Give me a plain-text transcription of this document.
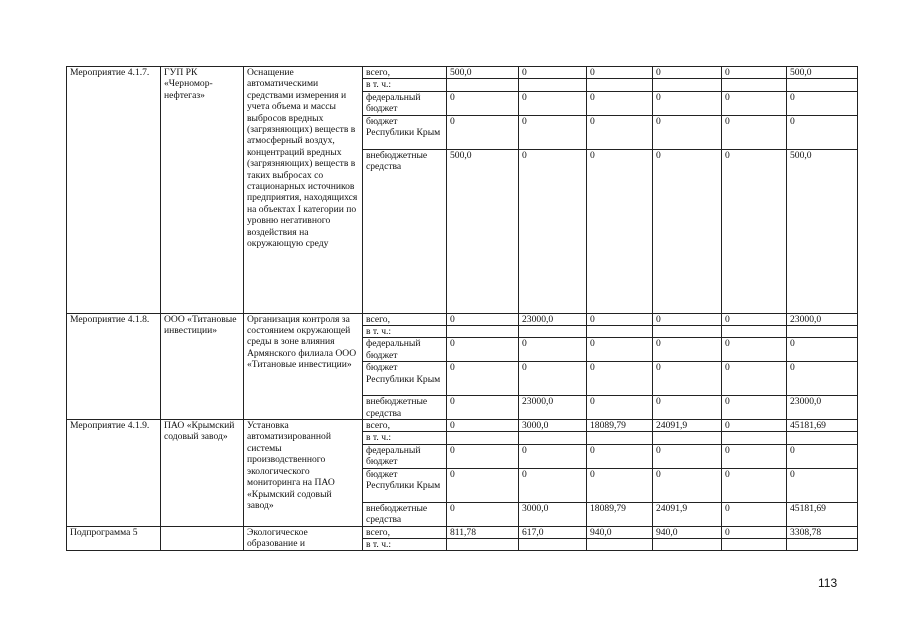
Мероприятие 4.1.7.	ГУП РК «Черномор-нефтегаз»	Оснащение автоматическими средствами измерения и учета объема и массы выбросов вредных (загрязняющих) веществ в атмосферный воздух, концентраций вредных (загрязняющих) веществ в таких выбросах со стационарных источников предприятия, находящихся на объектах I категории по уровню негативного воздействия на окружающую среду	всего,	500,0	0	0	0	0	500,0
			в т. ч.:						
			федеральный бюджет	0	0	0	0	0	0
			бюджет Республики Крым	0	0	0	0	0	0
			внебюджетные средства	500,0	0	0	0	0	500,0
Мероприятие 4.1.8.	ООО «Титановые инвестиции»	Организация контроля за состоянием окружающей среды в зоне влияния Армянского филиала ООО «Титановые инвестиции»	всего,	0	23000,0	0	0	0	23000,0
			в т. ч.:						
			федеральный бюджет	0	0	0	0	0	0
			бюджет Республики Крым	0	0	0	0	0	0
			внебюджетные средства	0	23000,0	0	0	0	23000,0
Мероприятие 4.1.9.	ПАО «Крымский содовый завод»	Установка автоматизированной системы производственного экологического мониторинга на ПАО «Крымский содовый завод»	всего,	0	3000,0	18089,79	24091,9	0	45181,69
			в т. ч.:						
			федеральный бюджет	0	0	0	0	0	0
			бюджет Республики Крым	0	0	0	0	0	0
			внебюджетные средства	0	3000,0	18089,79	24091,9	0	45181,69
Подпрограмма 5		Экологическое образование и	всего,	811,78	617,0	940,0	940,0	0	3308,78
			в т. ч.:						
113
